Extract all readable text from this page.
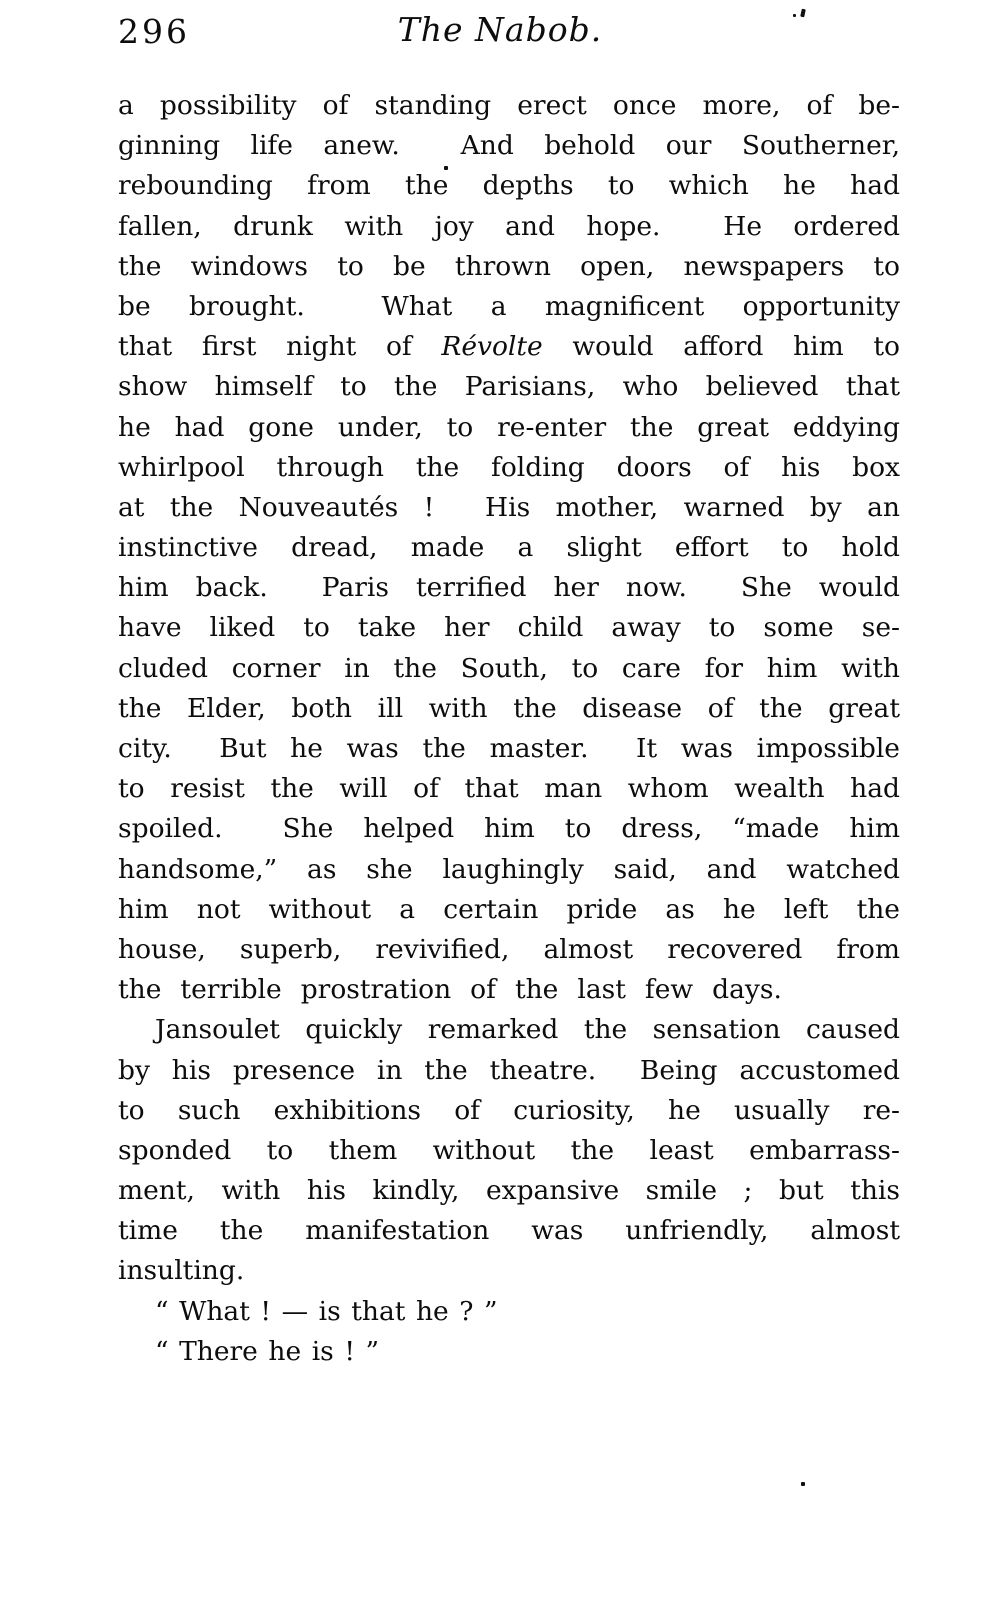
296	The Nabob.
a possibility of standing erect once more, of be-
ginning life anew.  And behold our Southerner,
rebounding from the depths to which he had
fallen, drunk with joy and hope.  He ordered
the windows to be thrown open, newspapers to
be brought.  What a magnificent opportunity
that first night of Révolte would afford him to
show himself to the Parisians, who believed that
he had gone under, to re-enter the great eddying
whirlpool through the folding doors of his box
at the Nouveautés !  His mother, warned by an
instinctive dread, made a slight effort to hold
him back.  Paris terrified her now.  She would
have liked to take her child away to some se-
cluded corner in the South, to care for him with
the Elder, both ill with the disease of the great
city.  But he was the master.  It was impossible
to resist the will of that man whom wealth had
spoiled.  She helped him to dress, “made him
handsome,” as she laughingly said, and watched
him not without a certain pride as he left the
house, superb, revivified, almost recovered from
the terrible prostration of the last few days.
Jansoulet quickly remarked the sensation caused
by his presence in the theatre.  Being accustomed
to such exhibitions of curiosity, he usually re-
sponded to them without the least embarrass-
ment, with his kindly, expansive smile ; but this
time the manifestation was unfriendly, almost
insulting.
“ What ! — is that he ? ”
“ There he is ! ”
